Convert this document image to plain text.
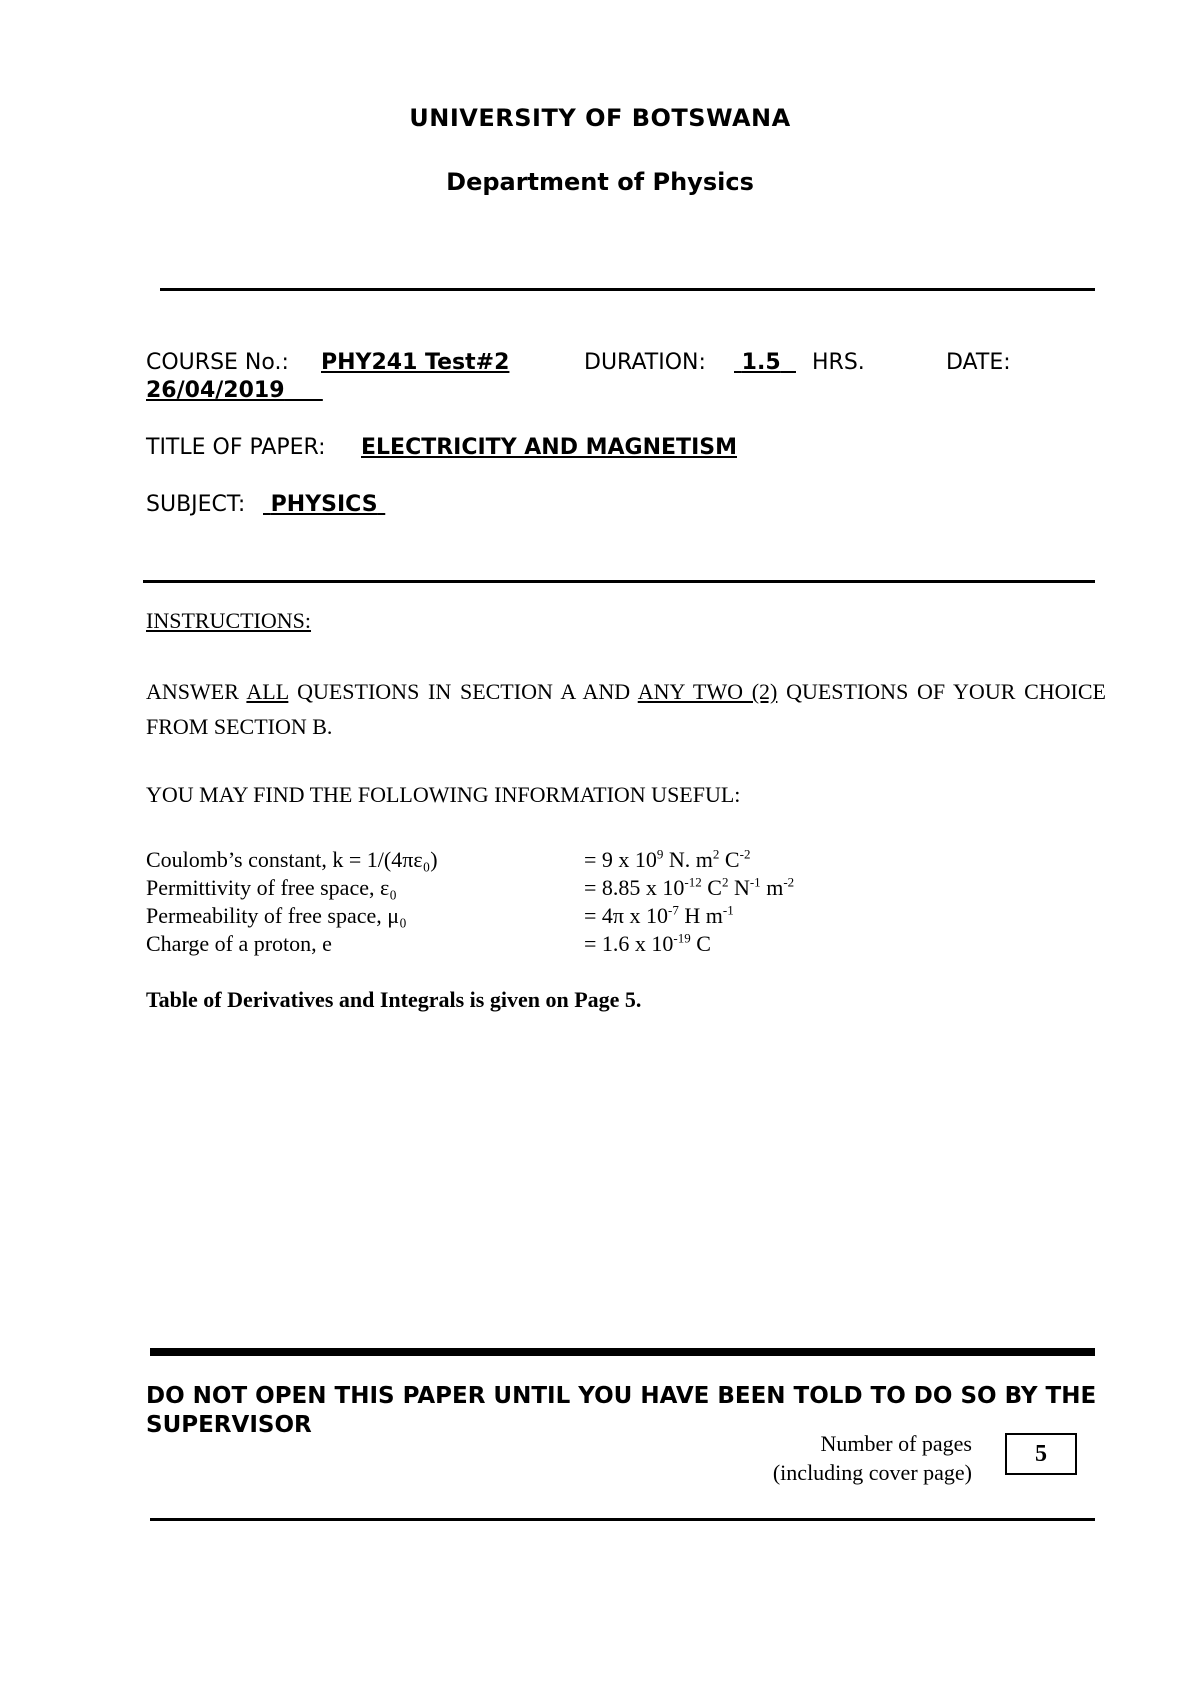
UNIVERSITY OF BOTSWANA
Department of Physics
COURSE No.: PHY241 Test#2	DURATION:	1.5	HRS.	DATE:
26/04/2019
TITLE OF PAPER: ELECTRICITY AND MAGNETISM
SUBJECT:	PHYSICS
INSTRUCTIONS:
ANSWER ALL QUESTIONS IN SECTION A AND ANY TWO (2) QUESTIONS OF YOUR CHOICE FROM SECTION B.
YOU MAY FIND THE FOLLOWING INFORMATION USEFUL:
Coulomb’s constant, k = 1/(4πε₀)	= 9 x $10^9$ N. $m^2$ $C^{-2}$
Permittivity of free space, ε₀	= 8.85 x $10^{-12}$ $C^2$ $N^{-1}$ $m^{-2}$
Permeability of free space, μ₀	= 4π x $10^{-7}$ H $m^{-1}$
Charge of a proton, e	= 1.6 x $10^{-19}$ C
Table of Derivatives and Integrals is given on Page 5.
DO NOT OPEN THIS PAPER UNTIL YOU HAVE BEEN TOLD TO DO SO BY THE SUPERVISOR
Number of pages
(including cover page)
5
